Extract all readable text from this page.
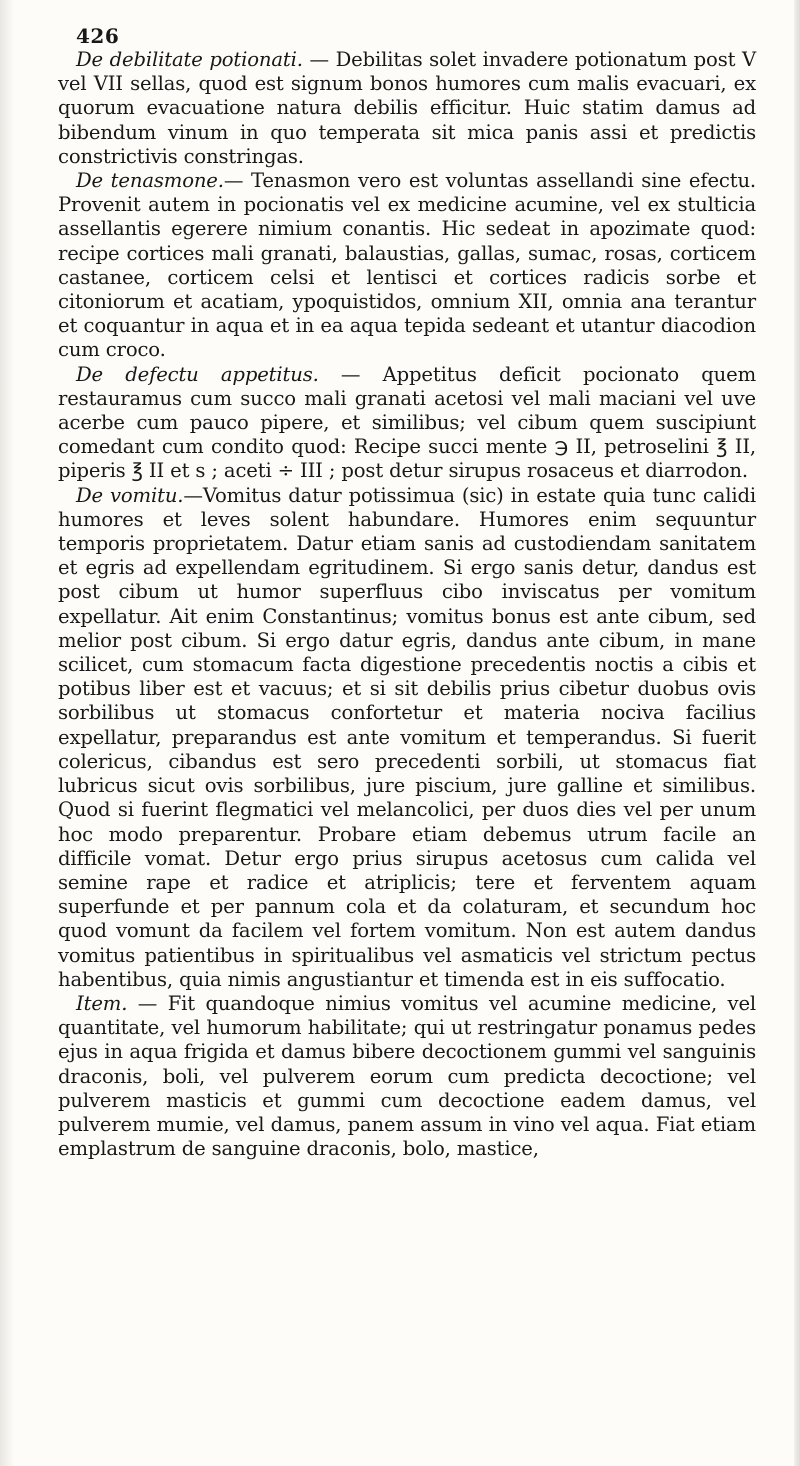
426

De debilitate potionati. — Debilitas solet invadere potionatum post V vel VII sellas, quod est signum bonos humores cum malis evacuari, ex quorum evacuatione natura debilis efficitur. Huic statim damus ad bibendum vinum in quo temperata sit mica panis assi et predictis constrictivis constringas.

De tenasmone.— Tenasmon vero est voluntas assellandi sine efectu. Provenit autem in pocionatis vel ex medicine acumine, vel ex stulticia assellantis egerere nimium conantis. Hic sedeat in apozimate quod: recipe cortices mali granati, balaustias, gallas, sumac, rosas, corticem castanee, corticem celsi et lentisci et cortices radicis sorbe et citoniorum et acatiam, ypoquistidos, omnium XII, omnia ana terantur et coquantur in aqua et in ea aqua tepida sedeant et utantur diacodion cum croco.

De defectu appetitus. — Appetitus deficit pocionato quem restauramus cum succo mali granati acetosi vel mali maciani vel uve acerbe cum pauco pipere, et similibus; vel cibum quem suscipiunt comedant cum condito quod: Recipe succi mente ℈ II, petroselini ℥ II, piperis ℥ II et s ; aceti ÷ III ; post detur sirupus rosaceus et diarrodon.

De vomitu.—Vomitus datur potissimua (sic) in estate quia tunc calidi humores et leves solent habundare. Humores enim sequuntur temporis proprietatem. Datur etiam sanis ad custodiendam sanitatem et egris ad expellendam egritudinem. Si ergo sanis detur, dandus est post cibum ut humor superfluus cibo inviscatus per vomitum expellatur. Ait enim Constantinus; vomitus bonus est ante cibum, sed melior post cibum. Si ergo datur egris, dandus ante cibum, in mane scilicet, cum stomacum facta digestione precedentis noctis a cibis et potibus liber est et vacuus; et si sit debilis prius cibetur duobus ovis sorbilibus ut stomacus confortetur et materia nociva facilius expellatur, preparandus est ante vomitum et temperandus. Si fuerit colericus, cibandus est sero precedenti sorbili, ut stomacus fiat lubricus sicut ovis sorbilibus, jure piscium, jure galline et similibus. Quod si fuerint flegmatici vel melancolici, per duos dies vel per unum hoc modo preparentur. Probare etiam debemus utrum facile an difficile vomat. Detur ergo prius sirupus acetosus cum calida vel semine rape et radice et atriplicis; tere et ferventem aquam superfunde et per pannum cola et da colaturam, et secundum hoc quod vomunt da facilem vel fortem vomitum. Non est autem dandus vomitus patientibus in spiritualibus vel asmaticis vel strictum pectus habentibus, quia nimis angustiantur et timenda est in eis suffocatio.

Item. — Fit quandoque nimius vomitus vel acumine medicine, vel quantitate, vel humorum habilitate; qui ut restringatur ponamus pedes ejus in aqua frigida et damus bibere decoctionem gummi vel sanguinis draconis, boli, vel pulverem eorum cum predicta decoctione; vel pulverem masticis et gummi cum decoctione eadem damus, vel pulverem mumie, vel damus, panem assum in vino vel aqua. Fiat etiam emplastrum de sanguine draconis, bolo, mastice,
